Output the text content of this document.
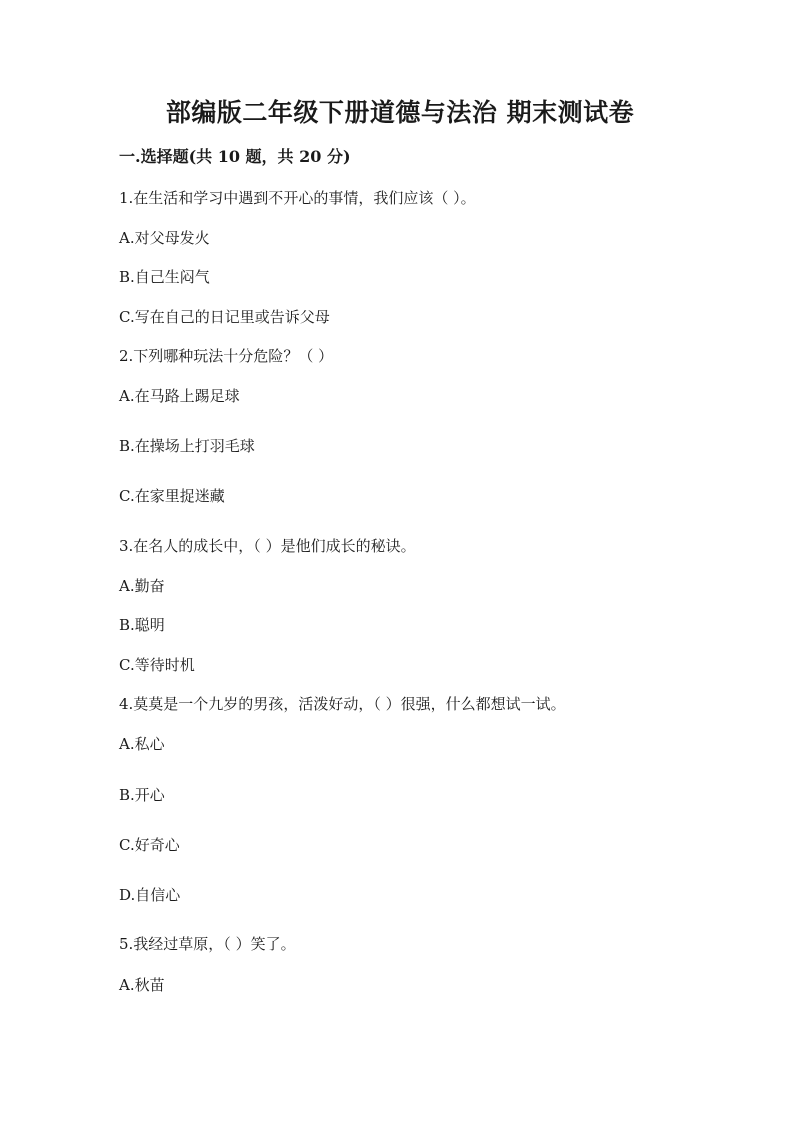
部编版二年级下册道德与法治 期末测试卷
一.选择题(共 10 题，共 20 分)
1.在生活和学习中遇到不开心的事情，我们应该（ ）。
A.对父母发火
B.自己生闷气
C.写在自己的日记里或告诉父母
2.下列哪种玩法十分危险？（ ）
A.在马路上踢足球
B.在操场上打羽毛球
C.在家里捉迷藏
3.在名人的成长中，（ ）是他们成长的秘诀。
A.勤奋
B.聪明
C.等待时机
4.莫莫是一个九岁的男孩，活泼好动，（ ）很强，什么都想试一试。
A.私心
B.开心
C.好奇心
D.自信心
5.我经过草原，（ ）笑了。
A.秋苗
